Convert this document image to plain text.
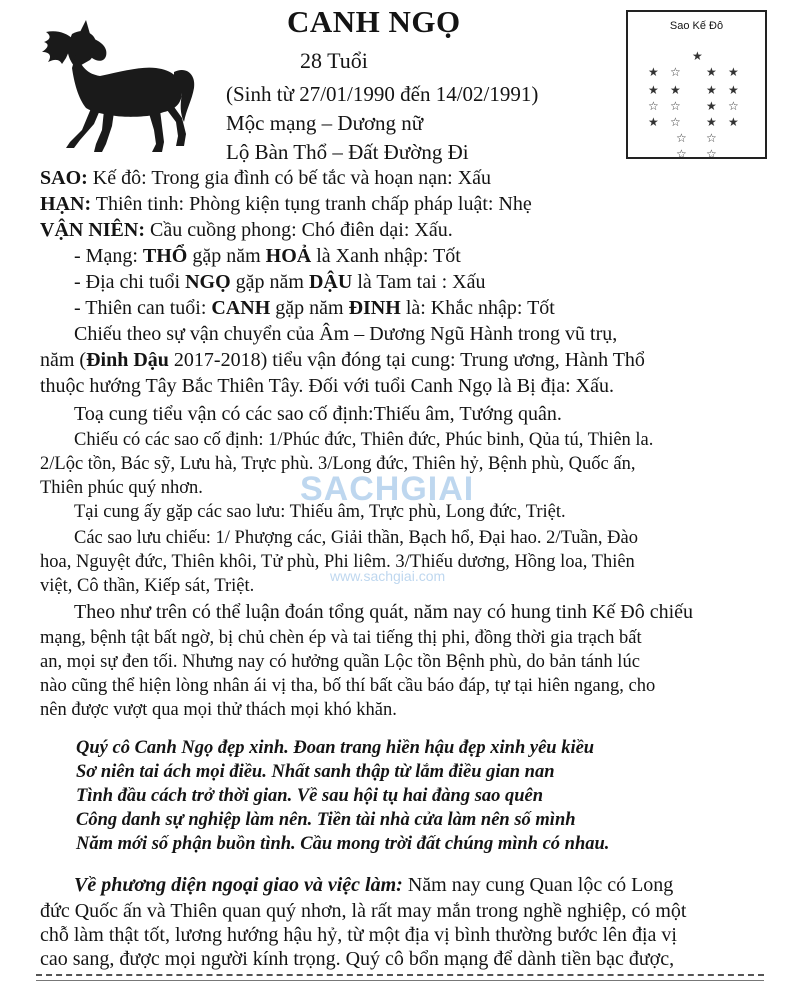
CANH NGỌ
28 Tuổi
(Sinh từ 27/01/1990 đến 14/02/1991)
Mộc mạng – Dương nữ
Lộ Bàn Thổ – Đất Đường Đi
Sao Kế Đô
★
★ ☆ ★ ★
★ ★ ★ ★
☆ ☆ ★ ☆
★ ☆ ★ ★
☆ ☆
☆ ☆
SAO: Kế đô: Trong gia đình có bế tắc và hoạn nạn: Xấu
HẠN: Thiên tinh: Phòng kiện tụng tranh chấp pháp luật: Nhẹ
VẬN NIÊN: Cầu cuồng phong: Chó điên dại: Xấu.
- Mạng: THỔ gặp năm HOẢ là Xanh nhập: Tốt
- Địa chi tuổi NGỌ gặp năm DẬU là Tam tai : Xấu
- Thiên can tuổi: CANH gặp năm ĐINH là: Khắc nhập: Tốt
Chiếu theo sự vận chuyển của Âm – Dương Ngũ Hành trong vũ trụ,
năm (Đinh Dậu 2017-2018) tiểu vận đóng tại cung: Trung ương, Hành Thổ
thuộc hướng Tây Bắc Thiên Tây. Đối với tuổi Canh Ngọ là Bị địa: Xấu.
Toạ cung tiểu vận có các sao cố định:Thiếu âm, Tướng quân.
Chiếu có các sao cố định: 1/Phúc đức, Thiên đức, Phúc binh, Qủa tú, Thiên la.
2/Lộc tồn, Bác sỹ, Lưu hà, Trực phù. 3/Long đức, Thiên hỷ, Bệnh phù, Quốc ấn,
Thiên phúc quý nhơn.
Tại cung ấy gặp các sao lưu: Thiếu âm, Trực phù, Long đức, Triệt.
Các sao lưu chiếu: 1/ Phượng các, Giải thần, Bạch hổ, Đại hao. 2/Tuần, Đào
hoa, Nguyệt đức, Thiên khôi, Tử phù, Phi liêm. 3/Thiếu dương, Hồng loa, Thiên
việt, Cô thần, Kiếp sát, Triệt.
Theo như trên có thể luận đoán tổng quát, năm nay có hung tinh Kế Đô chiếu
mạng, bệnh tật bất ngờ, bị chủ chèn ép và tai tiếng thị phi, đồng thời gia trạch bất
an, mọi sự đen tối. Nhưng nay có hưởng quần Lộc tồn Bệnh phù, do bản tánh lúc
nào cũng thể hiện lòng nhân ái vị tha, bố thí bất cầu báo đáp, tự tại hiên ngang, cho
nên được vượt qua mọi thử thách mọi khó khăn.
SACHGIAI
www.sachgiai.com
Quý cô Canh Ngọ đẹp xinh. Đoan trang hiền hậu đẹp xinh yêu kiều
Sơ niên tai ách mọi điều. Nhất sanh thập từ lắm điều gian nan
Tình đầu cách trở thời gian. Về sau hội tụ hai đàng sao quên
Công danh sự nghiệp làm nên. Tiền tài nhà cửa làm nên số mình
Năm mới số phận buồn tình. Cầu mong trời đất chúng mình có nhau.
Về phương diện ngoại giao và việc làm: Năm nay cung Quan lộc có Long
đức Quốc ấn và Thiên quan quý nhơn, là rất may mắn trong nghề nghiệp, có một
chỗ làm thật tốt, lương hướng hậu hỷ, từ một địa vị bình thường bước lên địa vị
cao sang, được mọi người kính trọng. Quý cô bổn mạng để dành tiền bạc được,
